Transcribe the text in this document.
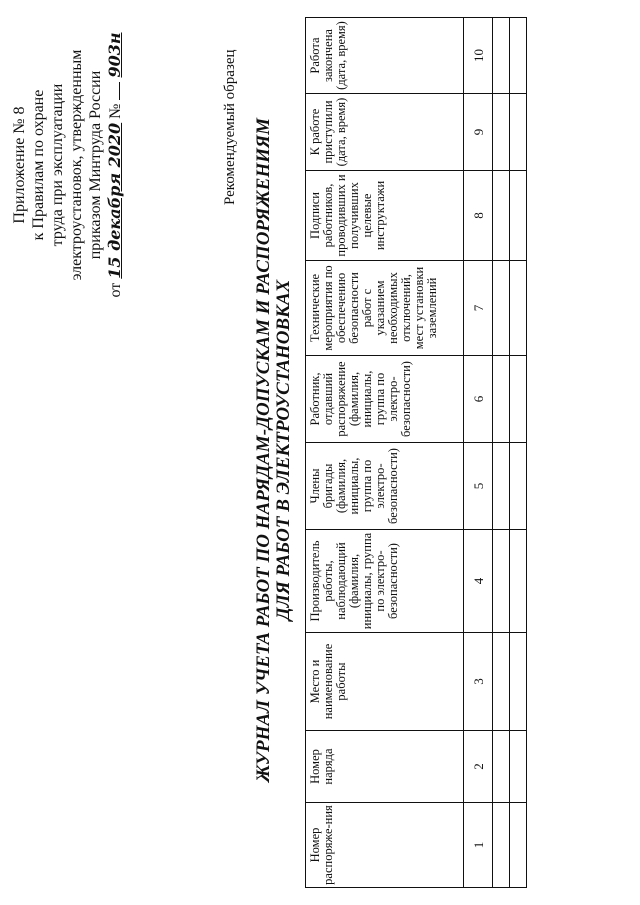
Приложение № 8 к Правилам по охране труда при эксплуатации электроустановок, утвержденным приказом Минтруда России
от 15 декабря 2020 №  903н	Рекомендуемый образец ЖУРНАЛ УЧЕТА РАБОТ ПО НАРЯДАМ-ДОПУСКАМ И РАСПОРЯЖЕНИЯМ ДЛЯ РАБОТ В ЭЛЕКТРОУСТАНОВКАХ
Номер распоряже-ния	Номер наряда	Место и наименование работы	Производитель работы, наблюдающий (фамилия, инициалы, группа по электро-безопасности)	Члены бригады (фамилия, инициалы, группа по электро-безопасности)	Работник, отдавший распоряжение (фамилия, инициалы, группа по электро-безопасности)	Технические мероприятия по обеспечению безопасности работ с указанием необходимых отключений, мест установки заземлений	Подписи работников, проводивших и получивших целевые инструктажи	К работе приступили (дата, время)	Работа закончена (дата, время)
1	2	3	4	5	6	7	8	9	10
